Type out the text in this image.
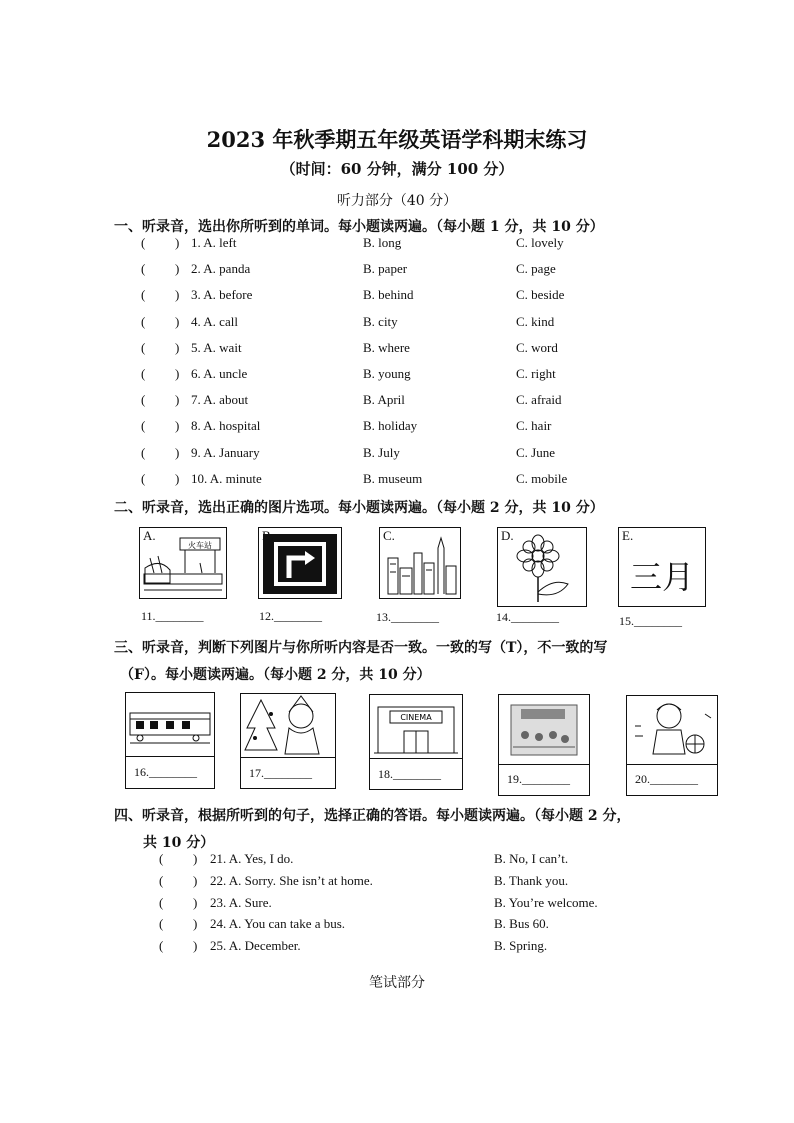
2023 年秋季期五年级英语学科期末练习
（时间：60 分钟，满分 100 分）
听力部分（40 分）
一、听录音，选出你所听到的单词。每小题读两遍。（每小题 1 分，共 10 分）
( ) 1. A. left	B. long	C. lovely
( ) 2. A. panda	B. paper	C. page
( ) 3. A. before	B. behind	C. beside
( ) 4. A. call	B. city	C. kind
( ) 5. A. wait	B. where	C. word
( ) 6. A. uncle	B. young	C. right
( ) 7. A. about	B. April	C. afraid
( ) 8. A. hospital	B. holiday	C. hair
( ) 9. A. January	B. July	C. June
( ) 10. A. minute	B. museum	C. mobile
二、听录音，选出正确的图片选项。每小题读两遍。（每小题 2 分，共 10 分）
A.
火车站
B.	C.	D.	E.
三月
11.________	12.________	13.________	14.________	15.________
三、听录音，判断下列图片与你所听内容是否一致。一致的写（T），不一致的写
（F）。每小题读两遍。（每小题 2 分，共 10 分）
16.________	17.________
CINEMA
18.________	19.________	20.________
四、听录音，根据所听到的句子，选择正确的答语。每小题读两遍。（每小题 2 分，
共 10 分）
( ) 21. A. Yes, I do.	B. No, I can’t.
( ) 22. A. Sorry. She isn’t at home.	B. Thank you.
( ) 23. A. Sure.	B. You’re welcome.
( ) 24. A. You can take a bus.	B. Bus 60.
( ) 25. A. December.	B. Spring.
笔试部分
